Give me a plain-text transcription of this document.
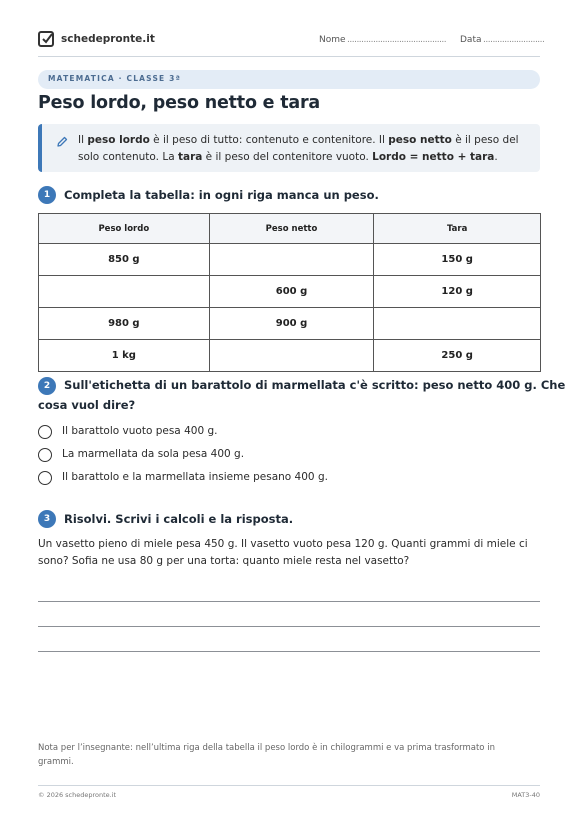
schedepronte.it	Nome .......................................... Data ..........................
MATEMATICA · CLASSE 3ª
Peso lordo, peso netto e tara
Il peso lordo è il peso di tutto: contenuto e contenitore. Il peso netto è il peso del solo contenuto. La tara è il peso del contenitore vuoto. Lordo = netto + tara.
1	Completa la tabella: in ogni riga manca un peso.
Peso lordo	Peso netto	Tara
850 g		150 g
	600 g	120 g
980 g	900 g	
1 kg		250 g
2	Sull'etichetta di un barattolo di marmellata c'è scritto: peso netto 400 g. Che
cosa vuol dire?
Il barattolo vuoto pesa 400 g.
La marmellata da sola pesa 400 g.
Il barattolo e la marmellata insieme pesano 400 g.
3	Risolvi. Scrivi i calcoli e la risposta.
Un vasetto pieno di miele pesa 450 g. Il vasetto vuoto pesa 120 g. Quanti grammi di miele ci
sono? Sofia ne usa 80 g per una torta: quanto miele resta nel vasetto?
Nota per l’insegnante: nell’ultima riga della tabella il peso lordo è in chilogrammi e va prima trasformato in
grammi.
© 2026 schedepronte.it	MAT3-40
